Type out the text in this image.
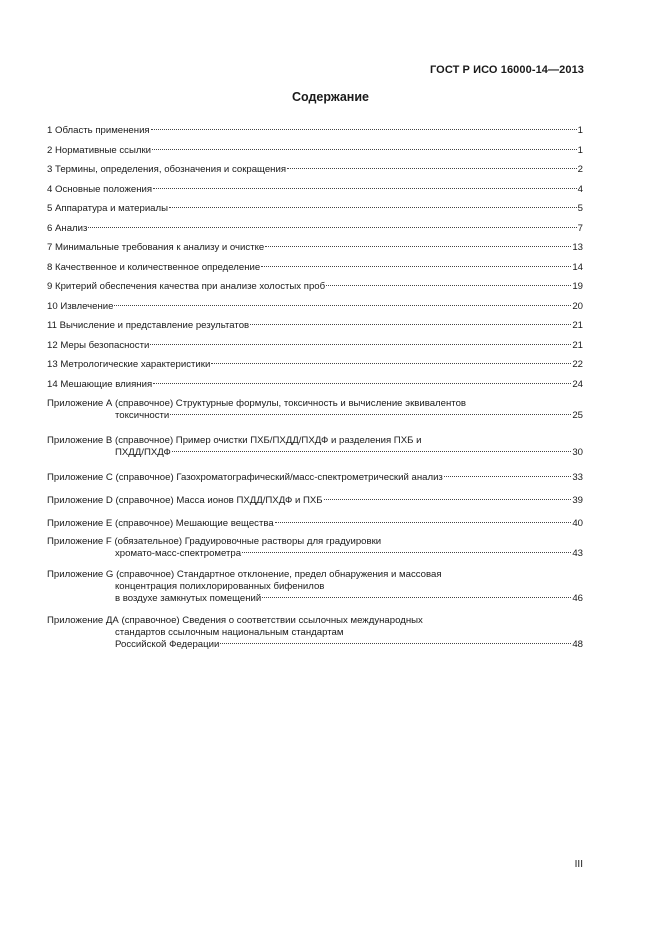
ГОСТ Р ИСО 16000-14—2013
Содержание
1 Область применения	1
2 Нормативные ссылки	1
3 Термины, определения, обозначения и сокращения	2
4 Основные положения	4
5 Аппаратура и материалы	5
6 Анализ	7
7 Минимальные требования к анализу и очистке	13
8 Качественное и количественное определение	14
9 Критерий обеспечения качества при анализе холостых проб	19
10 Извлечение	20
11 Вычисление и представление результатов	21
12 Меры безопасности	21
13 Метрологические характеристики	22
14 Мешающие влияния	24
Приложение А (справочное) Структурные формулы, токсичность и вычисление эквивалентов
токсичности	25
Приложение В (справочное) Пример очистки ПХБ/ПХДД/ПХДФ и разделения ПХБ и
ПХДД/ПХДФ	30
Приложение С (справочное) Газохроматографический/масс-спектрометрический анализ	33
Приложение D (справочное) Масса ионов ПХДД/ПХДФ и ПХБ	39
Приложение Е (справочное) Мешающие вещества	40
Приложение F (обязательное) Градуировочные растворы для градуировки
хромато-масс-спектрометра	43
Приложение G (справочное) Стандартное отклонение, предел обнаружения и массовая
концентрация полихлорированных бифенилов
в воздухе замкнутых помещений	46
Приложение ДА (справочное) Сведения о соответствии ссылочных международных
стандартов ссылочным национальным стандартам
Российской Федерации	48
III
